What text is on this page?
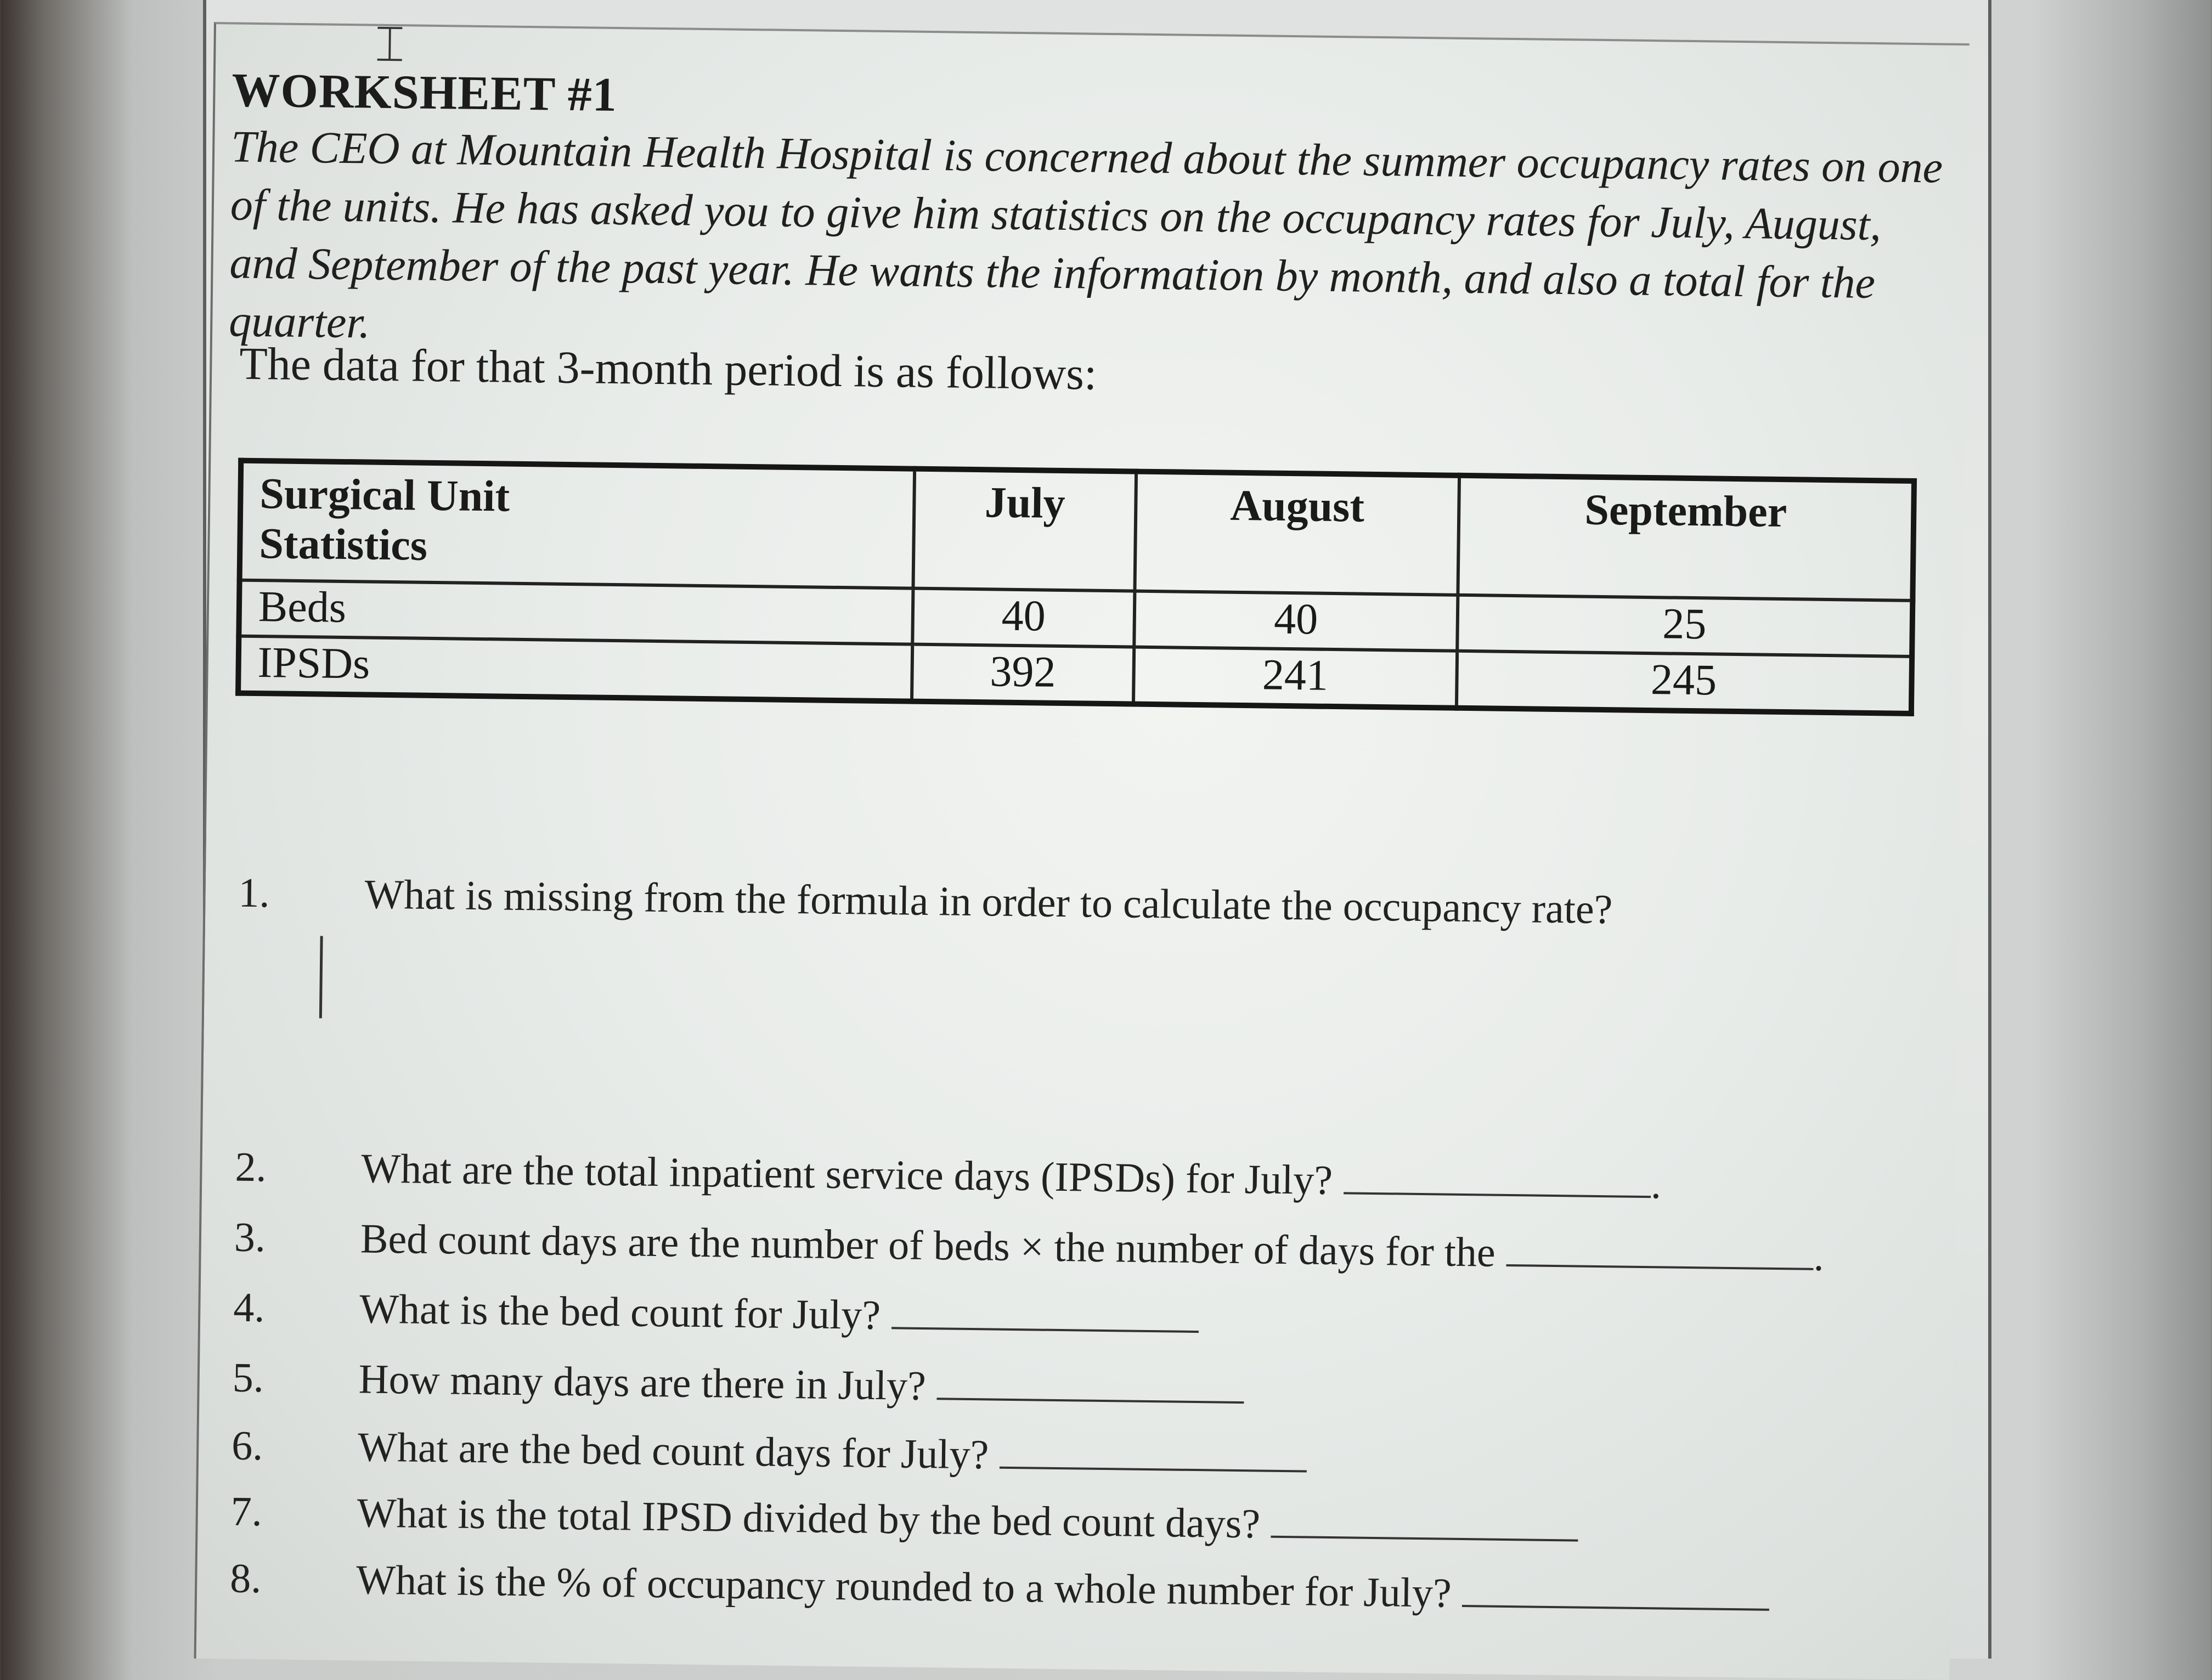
⌶
WORKSHEET #1
The CEO at Mountain Health Hospital is concerned about the summer occupancy rates on one of the units. He has asked you to give him statistics on the occupancy rates for July, August, and September of the past year. He wants the information by month, and also a total for the quarter.
The data for that 3-month period is as follows:
Surgical Unit
Statistics	July	August	September
Beds	40	40	25
IPSDs	392	241	245
1. What is missing from the formula in order to calculate the occupancy rate?
2. What are the total inpatient service days (IPSDs) for July?	.
3. Bed count days are the number of beds × the number of days for the	.
4. What is the bed count for July?
5. How many days are there in July?
6. What are the bed count days for July?
7. What is the total IPSD divided by the bed count days?
8. What is the % of occupancy rounded to a whole number for July?
